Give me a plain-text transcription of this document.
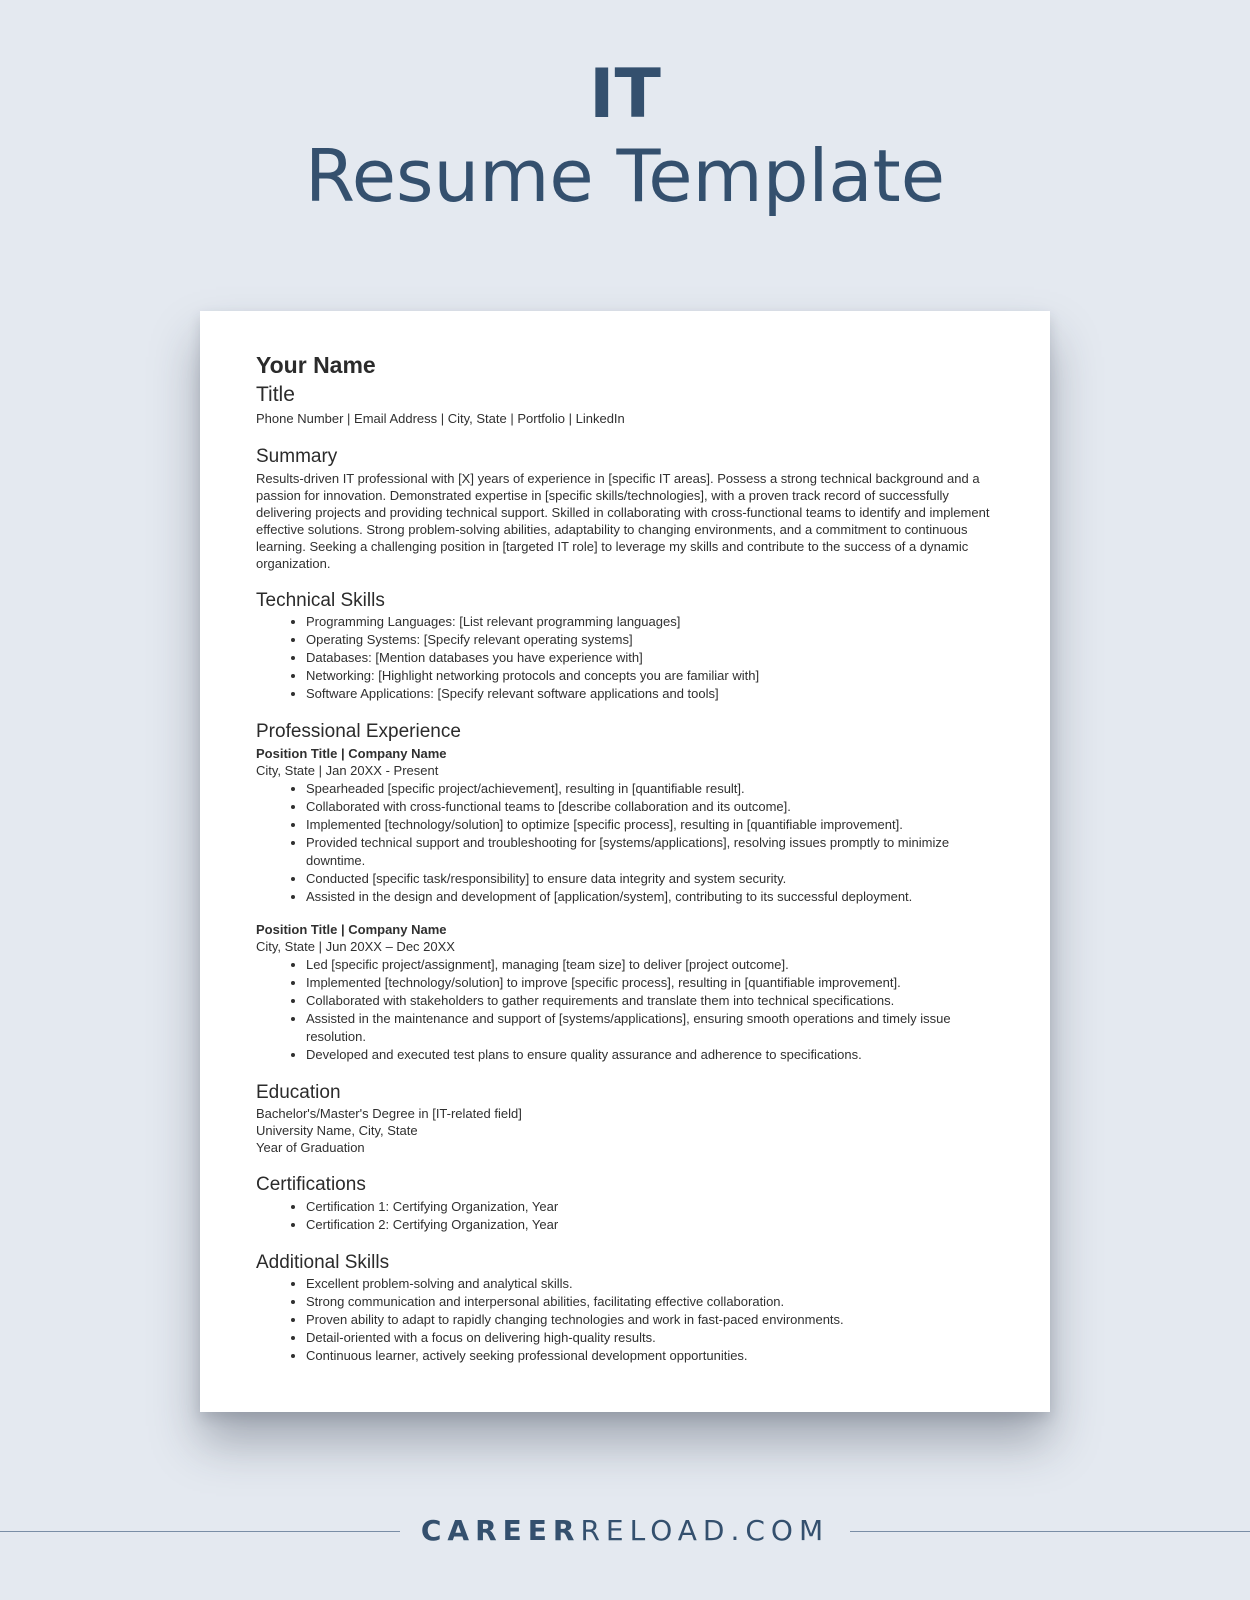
IT
Resume Template

Your Name

Title

Phone Number | Email Address | City, State | Portfolio | LinkedIn

Summary

Results-driven IT professional with [X] years of experience in [specific IT areas]. Possess a strong technical background and a passion for innovation. Demonstrated expertise in [specific skills/technologies], with a proven track record of successfully delivering projects and providing technical support. Skilled in collaborating with cross-functional teams to identify and implement effective solutions. Strong problem-solving abilities, adaptability to changing environments, and a commitment to continuous learning. Seeking a challenging position in [targeted IT role] to leverage my skills and contribute to the success of a dynamic organization.

Technical Skills

• Programming Languages: [List relevant programming languages]
• Operating Systems: [Specify relevant operating systems]
• Databases: [Mention databases you have experience with]
• Networking: [Highlight networking protocols and concepts you are familiar with]
• Software Applications: [Specify relevant software applications and tools]

Professional Experience

Position Title | Company Name

City, State | Jan 20XX - Present

• Spearheaded [specific project/achievement], resulting in [quantifiable result].
• Collaborated with cross-functional teams to [describe collaboration and its outcome].
• Implemented [technology/solution] to optimize [specific process], resulting in [quantifiable improvement].
• Provided technical support and troubleshooting for [systems/applications], resolving issues promptly to minimize downtime.
• Conducted [specific task/responsibility] to ensure data integrity and system security.
• Assisted in the design and development of [application/system], contributing to its successful deployment.

Position Title | Company Name

City, State | Jun 20XX – Dec 20XX

• Led [specific project/assignment], managing [team size] to deliver [project outcome].
• Implemented [technology/solution] to improve [specific process], resulting in [quantifiable improvement].
• Collaborated with stakeholders to gather requirements and translate them into technical specifications.
• Assisted in the maintenance and support of [systems/applications], ensuring smooth operations and timely issue resolution.
• Developed and executed test plans to ensure quality assurance and adherence to specifications.

Education

Bachelor's/Master's Degree in [IT-related field]

University Name, City, State

Year of Graduation

Certifications

• Certification 1: Certifying Organization, Year
• Certification 2: Certifying Organization, Year

Additional Skills

• Excellent problem-solving and analytical skills.
• Strong communication and interpersonal abilities, facilitating effective collaboration.
• Proven ability to adapt to rapidly changing technologies and work in fast-paced environments.
• Detail-oriented with a focus on delivering high-quality results.
• Continuous learner, actively seeking professional development opportunities.
CAREERRELOAD.COM
